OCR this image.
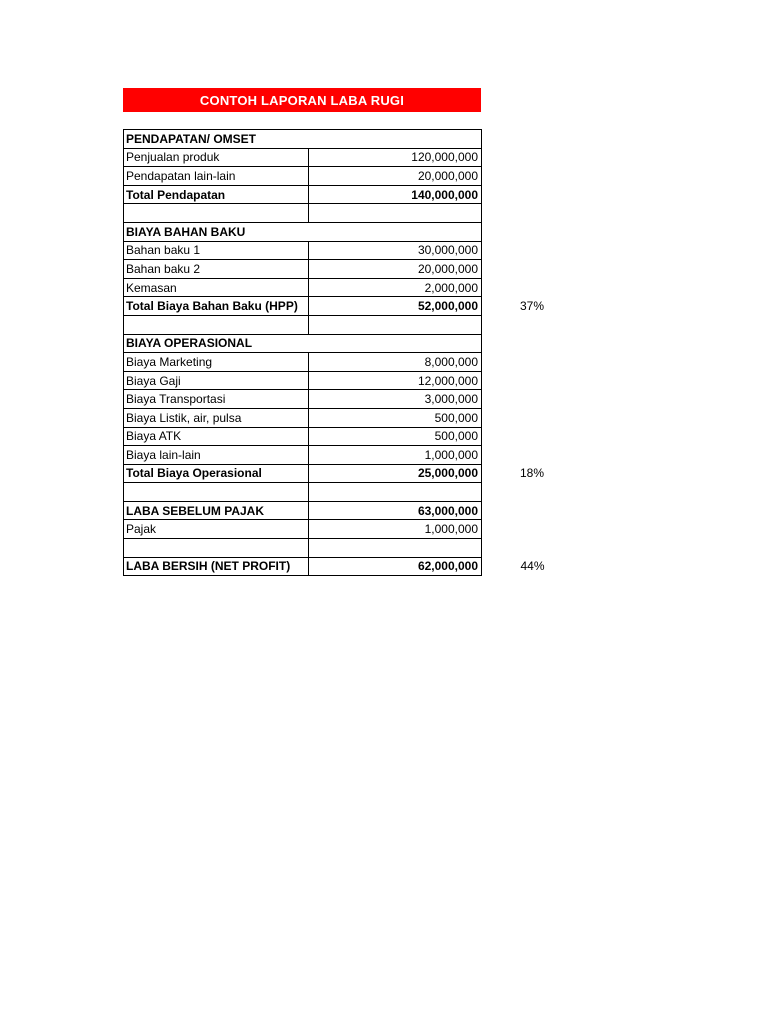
CONTOH LAPORAN LABA RUGI
PENDAPATAN/ OMSET		
Penjualan produk	120,000,000	
Pendapatan lain-lain	20,000,000	
Total Pendapatan	140,000,000	

BIAYA BAHAN BAKU		
Bahan baku 1	30,000,000	
Bahan baku 2	20,000,000	
Kemasan	2,000,000	
Total Biaya Bahan Baku (HPP)	52,000,000	37%

BIAYA OPERASIONAL		
Biaya Marketing	8,000,000	
Biaya Gaji	12,000,000	
Biaya Transportasi	3,000,000	
Biaya Listik, air, pulsa	500,000	
Biaya ATK	500,000	
Biaya lain-lain	1,000,000	
Total Biaya Operasional	25,000,000	18%

LABA SEBELUM PAJAK	63,000,000	
Pajak	1,000,000	

LABA BERSIH (NET PROFIT)	62,000,000	44%
